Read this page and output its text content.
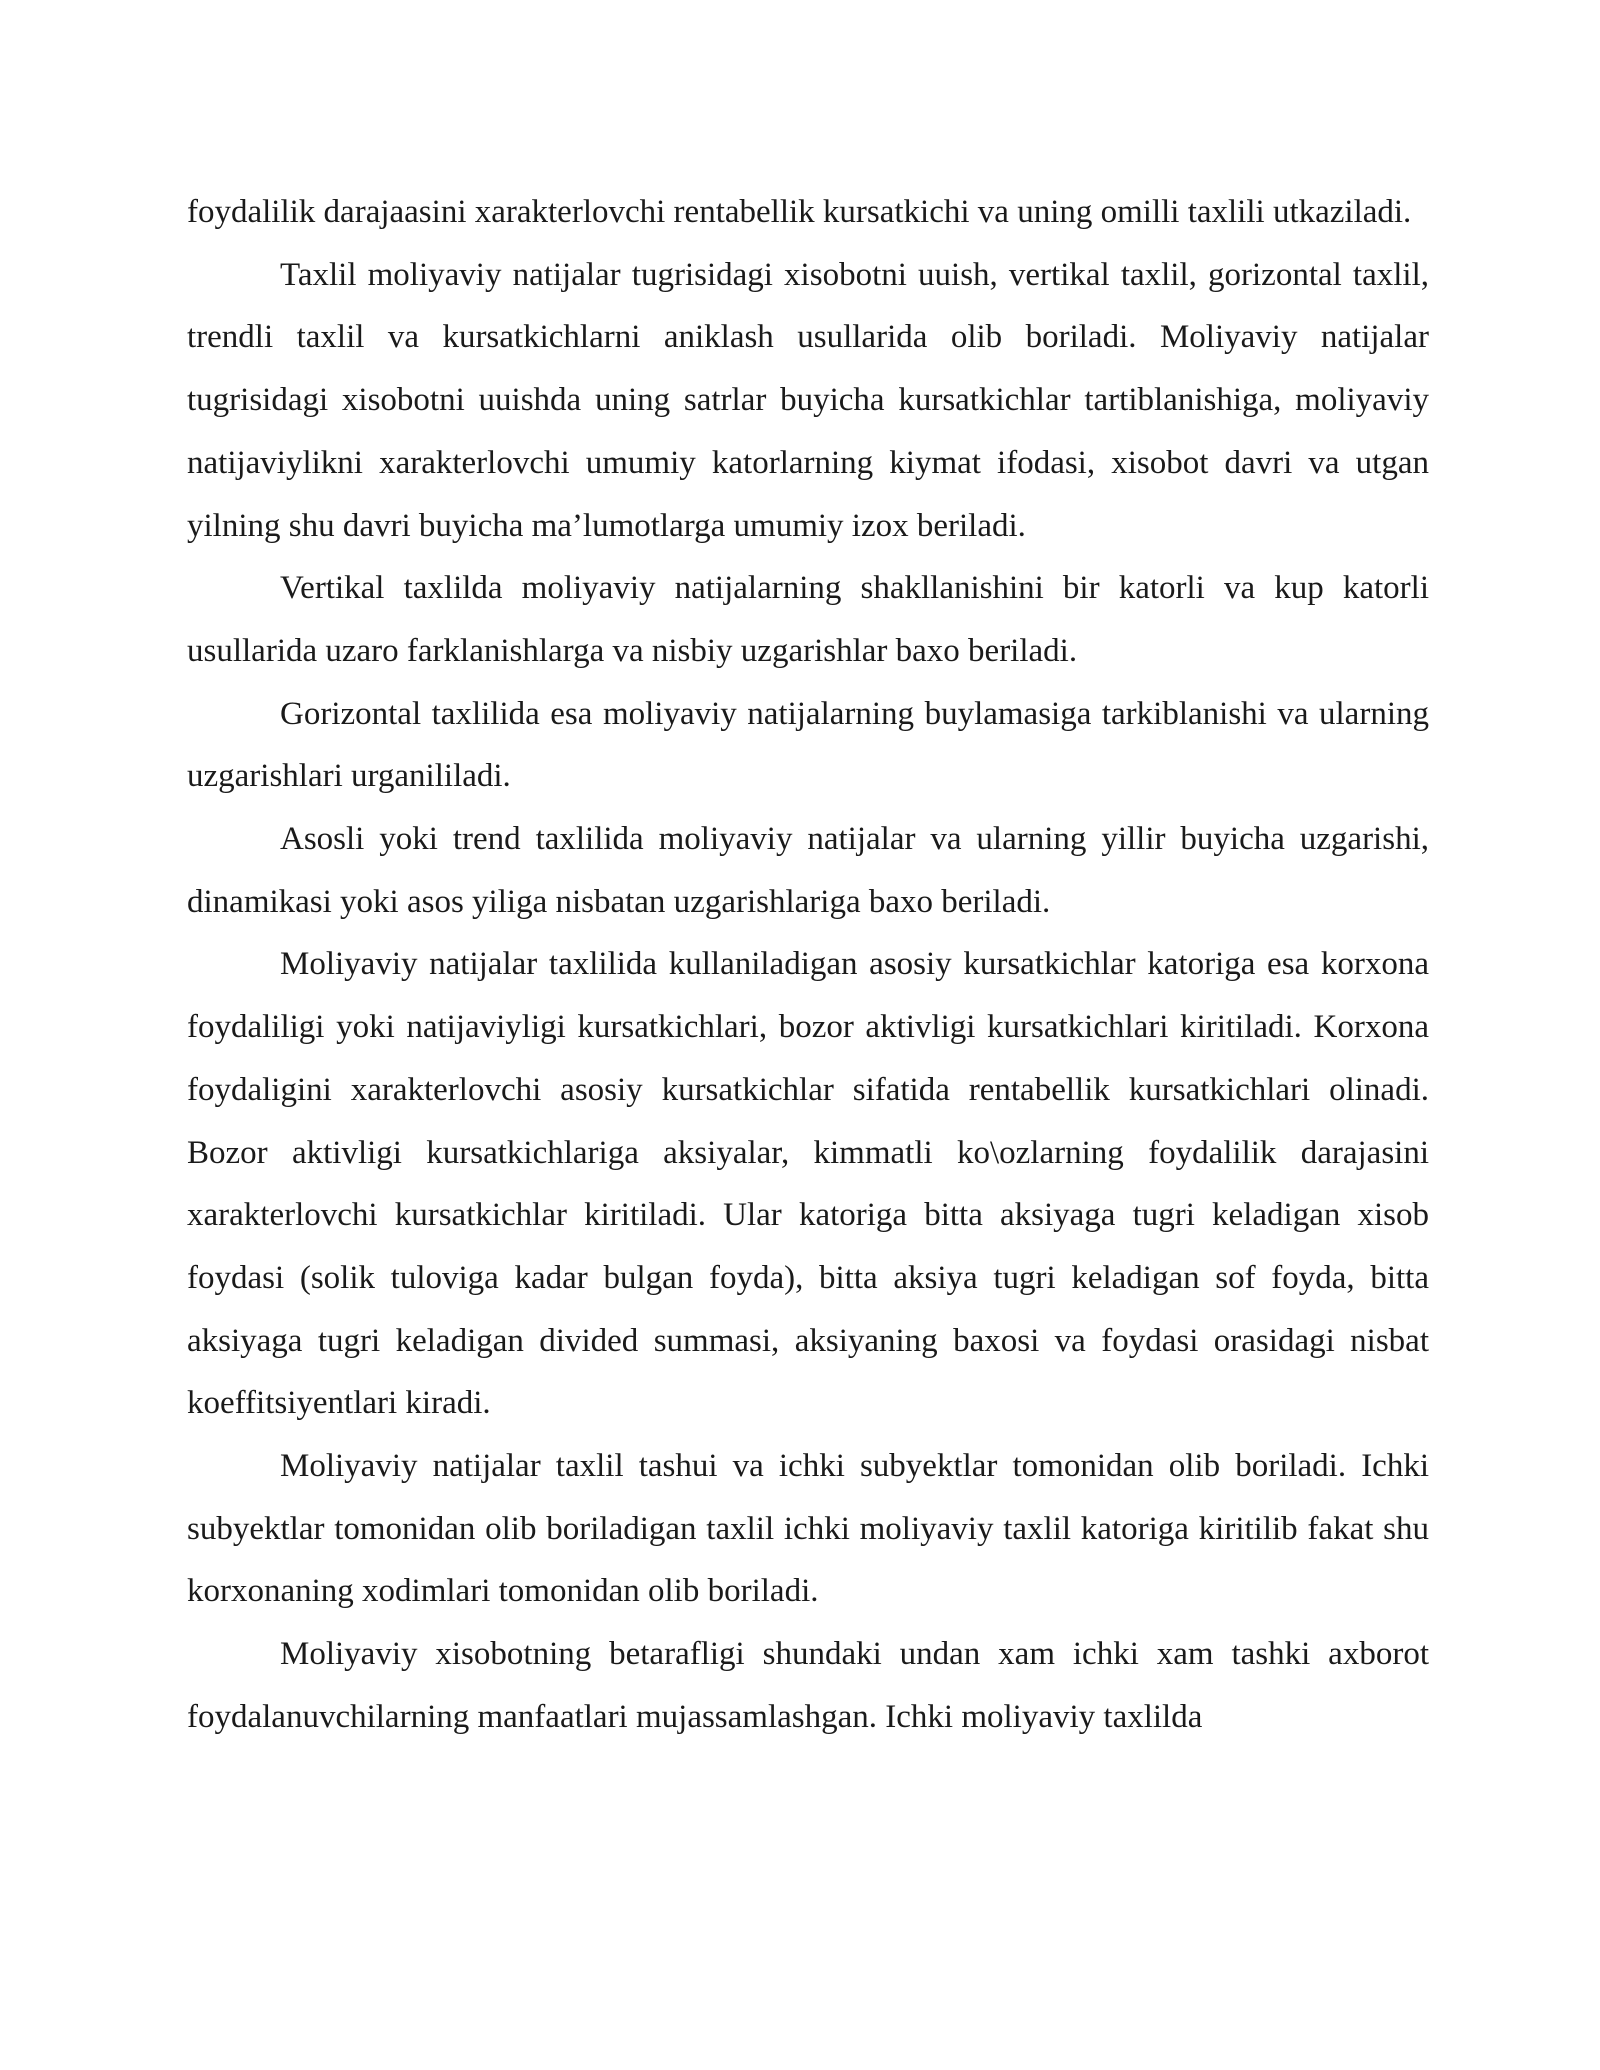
foydalilik darajaasini xarakterlovchi rentabellik kursatkichi va uning omilli taxlili utkaziladi.

Taxlil moliyaviy natijalar tugrisidagi xisobotni uuish, vertikal taxlil, gorizontal taxlil, trendli taxlil va kursatkichlarni aniklash usullarida olib boriladi. Moliyaviy natijalar tugrisidagi xisobotni uuishda uning satrlar buyicha kursatkichlar tartiblanishiga, moliyaviy natijaviylikni xarakterlovchi umumiy katorlarning kiymat ifodasi, xisobot davri va utgan yilning shu davri buyicha ma’lumotlarga umumiy izox beriladi.

Vertikal taxlilda moliyaviy natijalarning shakllanishini bir katorli va kup katorli usullarida uzaro farklanishlarga va nisbiy uzgarishlar baxo beriladi.

Gorizontal taxlilida esa moliyaviy natijalarning buylamasiga tarkiblanishi va ularning uzgarishlari urganililadi.

Asosli yoki trend taxlilida moliyaviy natijalar va ularning yillir buyicha uzgarishi, dinamikasi yoki asos yiliga nisbatan uzgarishlariga baxo beriladi.

Moliyaviy natijalar taxlilida kullaniladigan asosiy kursatkichlar katoriga esa korxona foydaliligi yoki natijaviyligi kursatkichlari, bozor aktivligi kursatkichlari kiritiladi. Korxona foydaligini xarakterlovchi asosiy kursatkichlar sifatida rentabellik kursatkichlari olinadi. Bozor aktivligi kursatkichlariga aksiyalar, kimmatli ko\ozlarning foydalilik darajasini xarakterlovchi kursatkichlar kiritiladi. Ular katoriga bitta aksiyaga tugri keladigan xisob foydasi (solik tuloviga kadar bulgan foyda), bitta aksiya tugri keladigan sof foyda, bitta aksiyaga tugri keladigan divided summasi, aksiyaning baxosi va foydasi orasidagi nisbat koeffitsiyentlari kiradi.

Moliyaviy natijalar taxlil tashui va ichki subyektlar tomonidan olib boriladi. Ichki subyektlar tomonidan olib boriladigan taxlil ichki moliyaviy taxlil katoriga kiritilib fakat shu korxonaning xodimlari tomonidan olib boriladi.

Moliyaviy xisobotning betarafligi shundaki undan xam ichki xam tashki axborot foydalanuvchilarning manfaatlari mujassamlashgan. Ichki moliyaviy taxlilda
